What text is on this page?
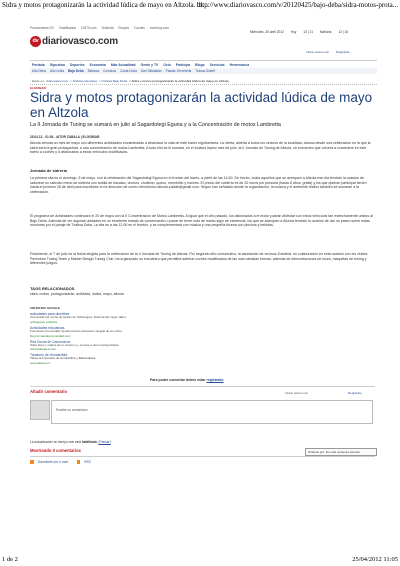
Sidra y motos protagonizarán la actividad lúdica de mayo en Altzola. di...
http://www.diariovasco.com/v/20120425/bajo-deba/sidra-motos-prota...
Promociones DV Clasificados 11870.com Vivienda Empleo Coches muerhoy.com
dv diariovasco.com
Miércoles, 25 abril 2012 Hoy 13 | 21 Mañana 13 | 16
Iniciar sesión con Registrate
Portada Gipuzkoa Deportes Economía Más Actualidad Gente y TV Ocio Participa Blogs Servicios Hemeroteca
Alto Deba Alto Urola Bajo Deba Bidasoa Comarca Costa Urola San Sebastián Pasaia -Errenteria Tolosa-Goierri
Estás en: diariovasco.com > Noticias Gipuzkoa > Noticias Bajo Deba > Sidra y motos protagonizarán la actividad lúdica de mayo en Altzola
ELGOIBAR
Sidra y motos protagonizarán la actividad lúdica de mayo en Altzola
La II Jornada de Tuning se sumará en julio al Sagardotegi Eguna y a la Concentración de motos Lambretta
25.04.12 - 01:54 - AITOR ZABALA | ELGOIBAR.

Altzola afronta un mes de mayo con diferentes actividades encaminadas a dinamizar la vida de este barrio elgoibartarra. La oferta, abierta a todos los vecinos de la localidad, abarca desde una celebración en la que la sidra será la gran protagonista, a una concentración de motos Lambretta. A todo ello se le sumará, en el todavía lejano mes de julio, la II Jornada de Tuning de Altzola, un encuentro que volverá a concentrar en este barrio a coches y a aficionados a estos vehículos modificados.

Jornada de sidrería

La primera cita es el domingo, 5 de mayo, con la celebración del Sagardotegi Eguna en el frontón del barrio, a partir de las 14.30. De hecho, todos aquellos que se acerquen a Altzola ese día tendrán la ocasión de saborear un sabroso menú de sidrería con tortilla de bacalao, chorizo, chuletón, queso, membrillo y nueces. El precio del cubierto es de 20 euros por persona (hasta 8 años, gratis) y los que quieran participar tienen hasta el próximo 28 de abril para inscribirse en la dirección de correo electrónico altzola.zubiak@gmail.com. Según han señalado desde la organización, la música y el ambiente festivo también se sumarán a la celebración.

El programa de actividades continuará el 20 de mayo con la II Concentración de Motos Lambretta. Al igual que el año pasado, los aficionados a el motor podrán disfrutar con estos vehículos tan estrechamente unidos al Bajo Deba. Además de ver algunas unidades en un excelente estado de conservación o pasar de tener más de medio siglo de existencia, los que se acerquen a Altzola tendrán la ocasión de dar un paseo sobre estas monturas por el paraje de Txatixa Zaba. La cita es a las 12.00 en el frontón, y se complementará con música y una pequeña bicena con pinchos y bebidas.

Finalmente, el 7 de julio es la fecha elegida para la celebración de la II Jornada de Tuning de Altzola. Por segundo año consecutivo, la asociación de vecinos Zubizbat, en colaboración en esta ocasión con los clubes Pechobes Tuning Team y Market Design Tuning Club, ha organizado un encuentro que permitirá admirar coches modificados de las más variadas formas, además de demostraciones de luces, maquetas de tuning y diferentes juegos.

TAGS RELACIONADOS
sidra, motos, protagonizarán, actividad, lúdica, mayo, altzola
ANUNCIOS GOOGLE
actividades para divertirse
Acompaña tus noche de fiesta con Schweppes. Disfruta del mejor sabor.
schweppes.es/fiesta
Actividades educativas
Formando Comunidad: Ayuda para la educación integral de los niños.
blog.formandocomunidad.com
Red Social de Camioneros
Sube fotos y vídeos de tu camión y y conoce a otros transportistas
redsocialrasea.com
Tanatorio de Hondarribia
Tabea la Funeraria de Hondarribia y Bidasoaldea.
www.tabea.net
Para poder comentar debes estar registrado
Añadir comentario	Iniciar sesión con	Registrate
Escribe su comentario.
La actualización en tiempo real está habilitada. (Pausar)
Mostrando 0 comentarios	Ordenar por: los más recientes primero
Suscríbete por e-mail	RSS
1 de 2	25/04/2012 11:05
